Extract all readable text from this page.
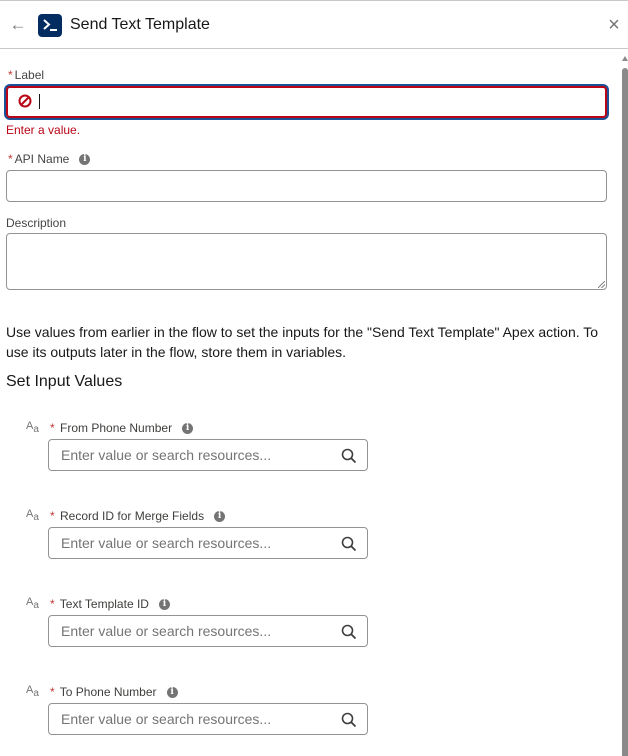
←	Send Text Template	×
* Label
Enter a value.
* API Name i
Description
Use values from earlier in the flow to set the inputs for the "Send Text Template" Apex action. To use its outputs later in the flow, store them in variables.
Set Input Values
$A_a$ * From Phone Number i
Enter value or search resources...
$A_a$ * Record ID for Merge Fields i
Enter value or search resources...
$A_a$ * Text Template ID i
Enter value or search resources...
$A_a$ * To Phone Number i
Enter value or search resources...
